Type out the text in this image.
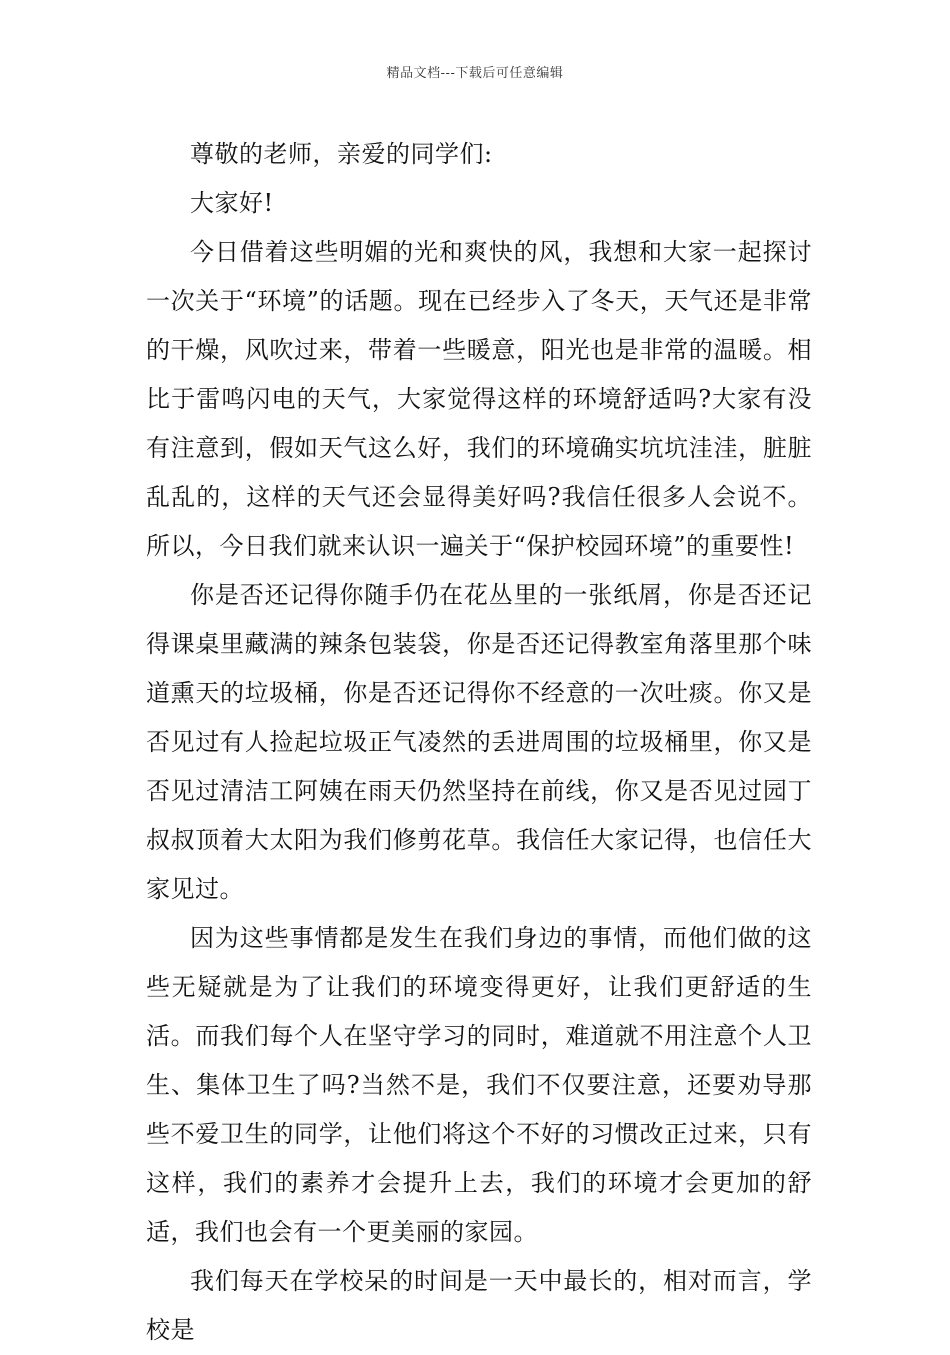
精品文档---下载后可任意编辑

尊敬的老师，亲爱的同学们:

大家好!

今日借着这些明媚的光和爽快的风，我想和大家一起探讨一次关于“环境”的话题。现在已经步入了冬天，天气还是非常的干燥，风吹过来，带着一些暖意，阳光也是非常的温暖。相比于雷鸣闪电的天气，大家觉得这样的环境舒适吗?大家有没有注意到，假如天气这么好，我们的环境确实坑坑洼洼，脏脏乱乱的，这样的天气还会显得美好吗?我信任很多人会说不。所以，今日我们就来认识一遍关于“保护校园环境”的重要性!

你是否还记得你随手仍在花丛里的一张纸屑，你是否还记得课桌里藏满的辣条包装袋，你是否还记得教室角落里那个味道熏天的垃圾桶，你是否还记得你不经意的一次吐痰。你又是否见过有人捡起垃圾正气凌然的丢进周围的垃圾桶里，你又是否见过清洁工阿姨在雨天仍然坚持在前线，你又是否见过园丁叔叔顶着大太阳为我们修剪花草。我信任大家记得，也信任大家见过。

因为这些事情都是发生在我们身边的事情，而他们做的这些无疑就是为了让我们的环境变得更好，让我们更舒适的生活。而我们每个人在坚守学习的同时，难道就不用注意个人卫生、集体卫生了吗?当然不是，我们不仅要注意，还要劝导那些不爱卫生的同学，让他们将这个不好的习惯改正过来，只有这样，我们的素养才会提升上去，我们的环境才会更加的舒适，我们也会有一个更美丽的家园。

我们每天在学校呆的时间是一天中最长的，相对而言，学校是
